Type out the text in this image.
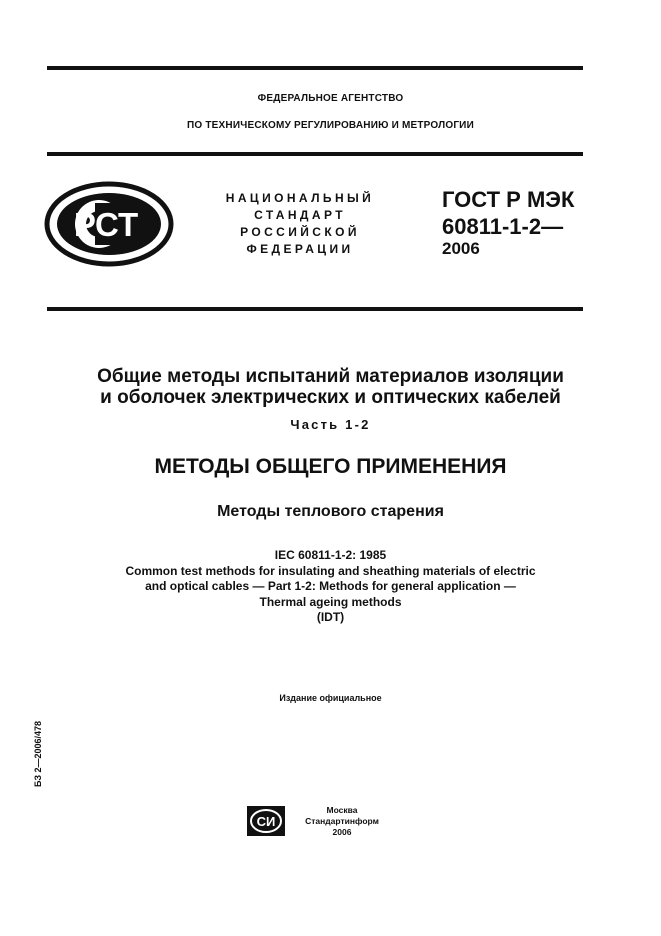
ФЕДЕРАЛЬНОЕ АГЕНТСТВО
ПО ТЕХНИЧЕСКОМУ РЕГУЛИРОВАНИЮ И МЕТРОЛОГИИ
РСТ
НАЦИОНАЛЬНЫЙ
СТАНДАРТ
РОССИЙСКОЙ
ФЕДЕРАЦИИ
ГОСТ Р МЭК
60811-1-2—
2006
Общие методы испытаний материалов изоляции
и оболочек электрических и оптических кабелей
Часть 1-2
МЕТОДЫ ОБЩЕГО ПРИМЕНЕНИЯ
Методы теплового старения
IEC 60811-1-2: 1985
Common test methods for insulating and sheathing materials of electric
and optical cables — Part 1-2: Methods for general application —
Thermal ageing methods
(IDT)
Издание официальное
БЗ 2—2006/478
СИ
Москва
Стандартинформ
2006
